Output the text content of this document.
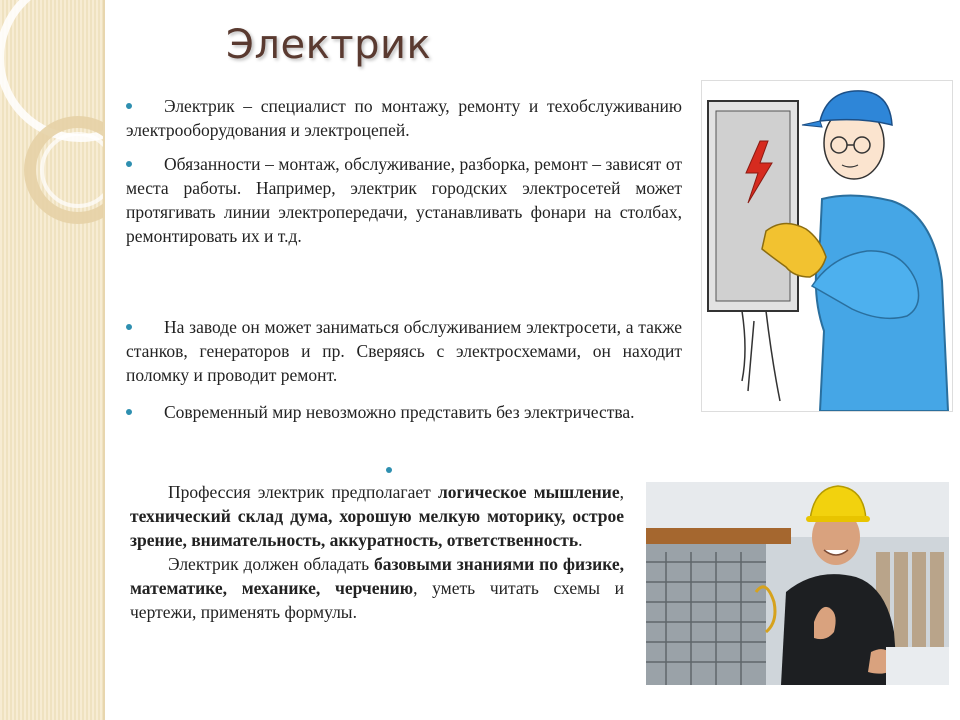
Электрик
Электрик – специалист по монтажу, ремонту и техобслуживанию электрооборудования и электроцепей.
Обязанности – монтаж, обслуживание, разборка, ремонт – зависят от места работы. Например, электрик городских электросетей может протягивать линии электропередачи, устанавливать фонари на столбах, ремонтировать их и т.д.
На заводе он может заниматься обслуживанием электросети, а также станков, генераторов и пр. Сверяясь с электросхемами, он находит поломку и проводит ремонт.
Современный мир невозможно представить без электричества.

Профессия электрик предполагает логическое мышление, технический склад дума, хорошую мелкую моторику, острое зрение, внимательность, аккуратность, ответственность.

Электрик должен обладать базовыми знаниями по физике, математике, механике, черчению, уметь читать схемы и чертежи, применять формулы.
